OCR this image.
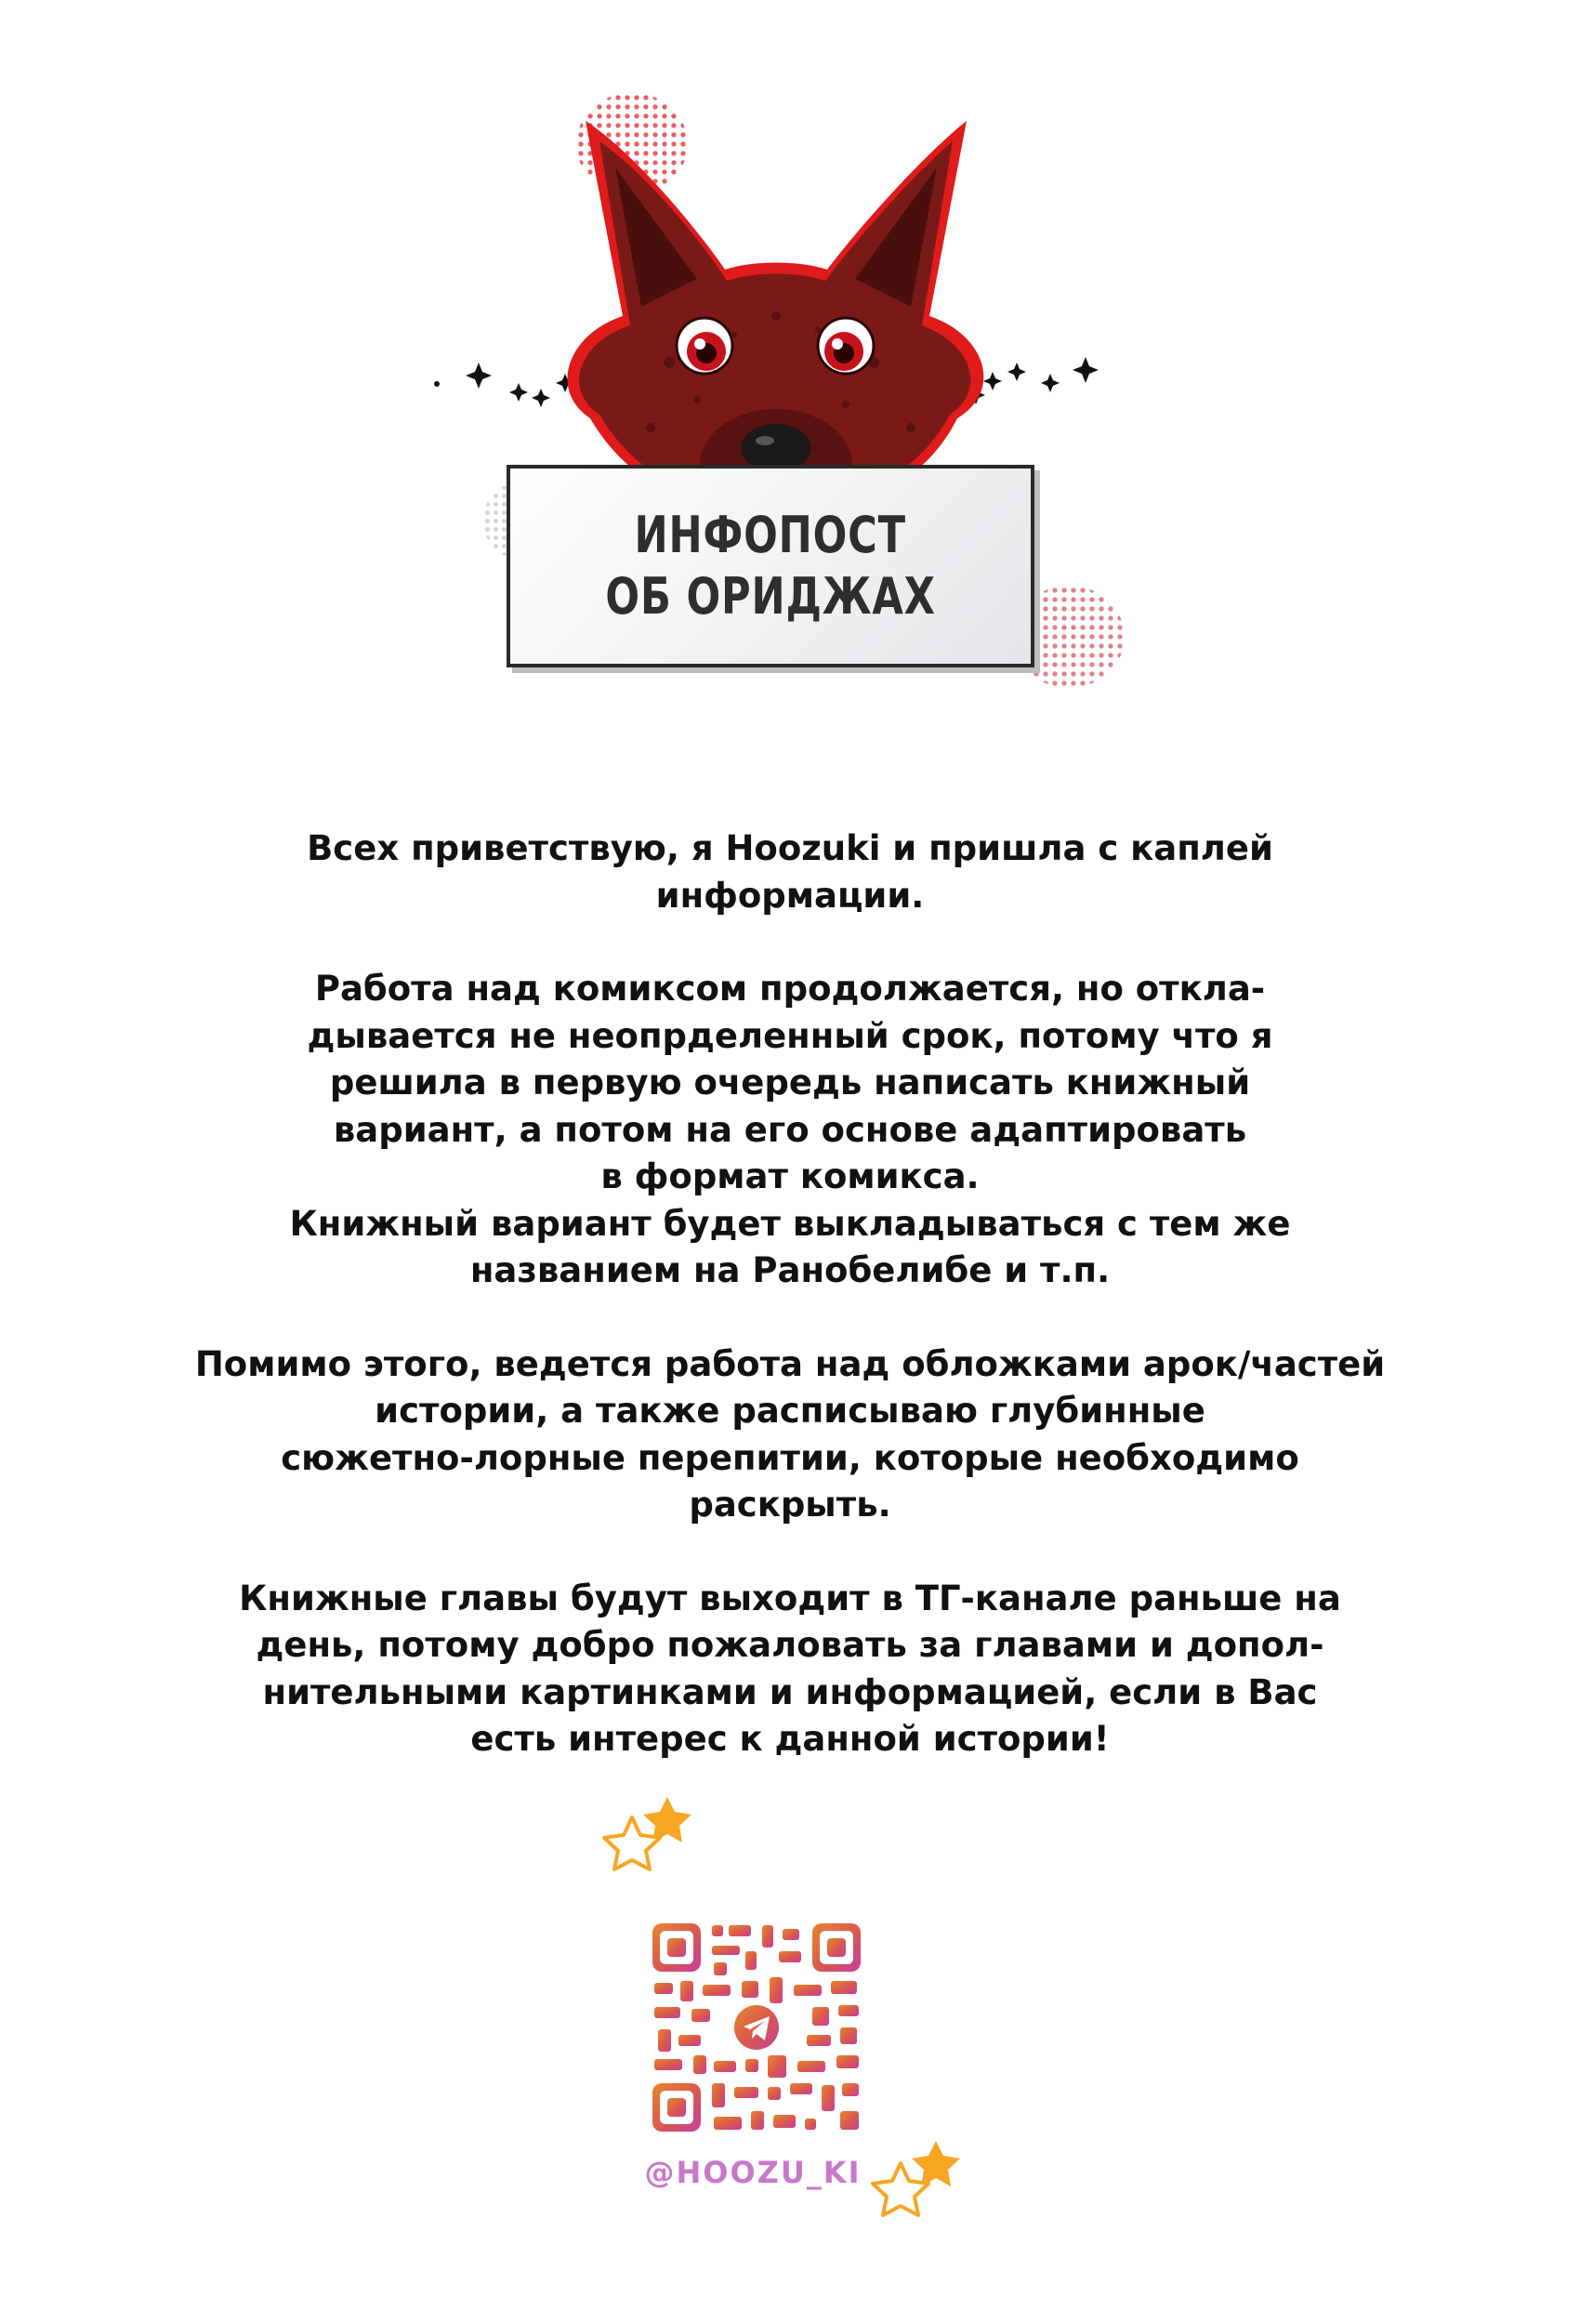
ИНФОПОСТ
ОБ ОРИДЖАХ

Всех приветствую, я Hoozuki и пришла с каплей
информации.

Работа над комиксом продолжается, но откла-
дывается не неопрделенный срок, потому что я
решила в первую очередь написать книжный
вариант, а потом на его основе адаптировать
в формат комикса.
Книжный вариант будет выкладываться с тем же
названием на Ранобелибе и т.п.

Помимо этого, ведется работа над обложками арок/частей
истории, а также расписываю глубинные
сюжетно-лорные перепитии, которые необходимо
раскрыть.

Книжные главы будут выходит в ТГ-канале раньше на
день, потому добро пожаловать за главами и допол-
нительными картинками и информацией, если в Вас
есть интерес к данной истории!

@HOOZU_KI
